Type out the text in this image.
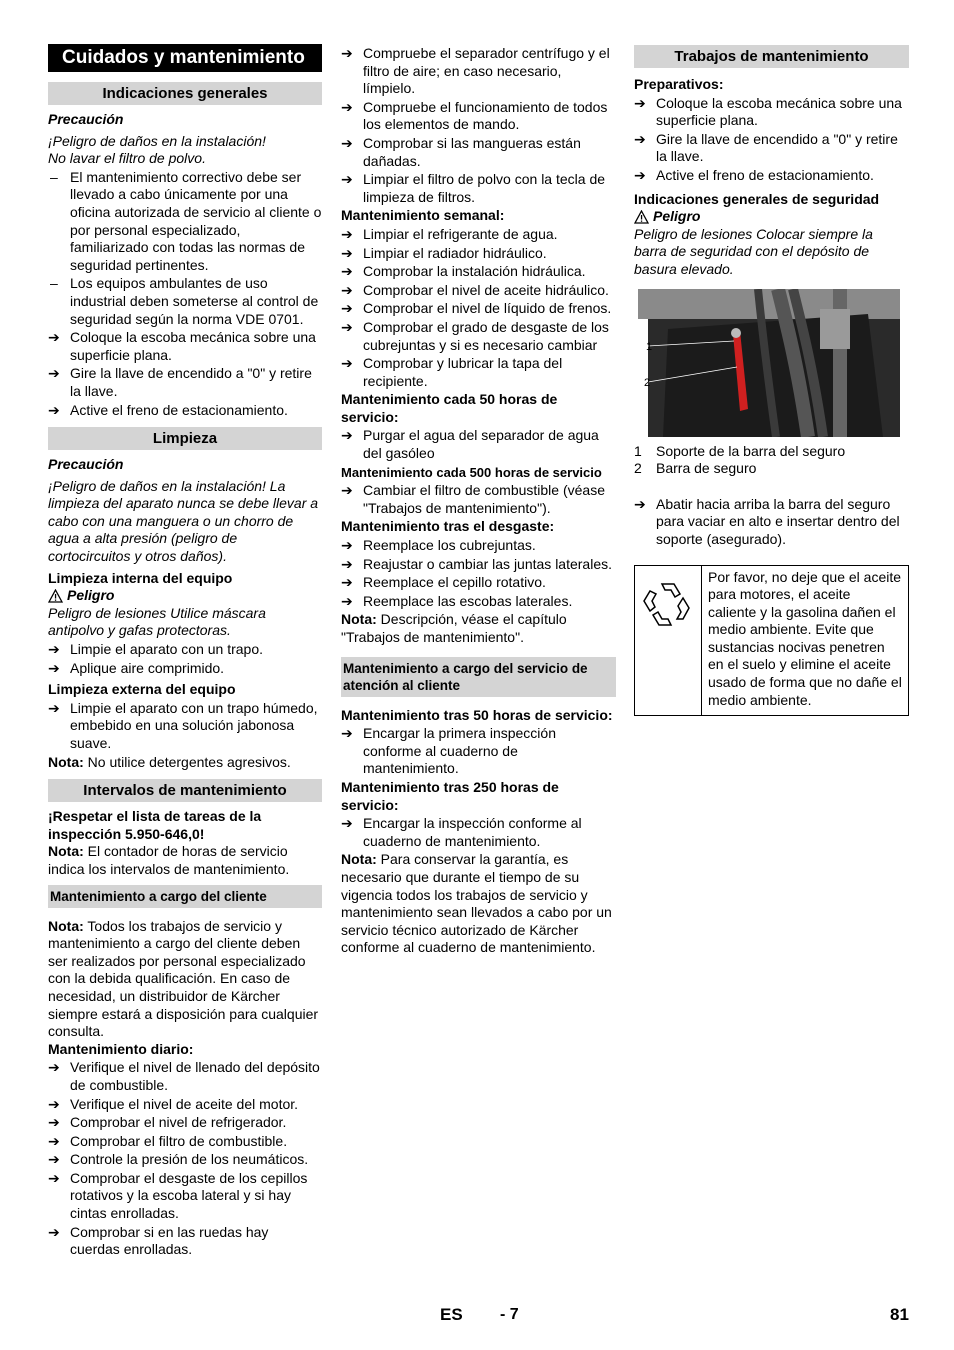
Cuidados y mantenimiento
Indicaciones generales

Precaución

¡Peligro de daños en la instalación!

No lavar el filtro de polvo.

– El mantenimiento correctivo debe ser llevado a cabo únicamente por una oficina autorizada de servicio al cliente o por personal especializado, familiarizado con todas las normas de seguridad pertinentes.
– Los equipos ambulantes de uso industrial deben someterse al control de seguridad según la norma VDE 0701.
➔ Coloque la escoba mecánica sobre una superficie plana.
➔ Gire la llave de encendido a "0" y retire la llave.
➔ Active el freno de estacionamiento.
Limpieza

Precaución

¡Peligro de daños en la instalación! La limpieza del aparato nunca se debe llevar a cabo con una manguera o un chorro de agua a alta presión (peligro de cortocircuitos y otros daños).

Limpieza interna del equipo

Peligro

Peligro de lesiones Utilice máscara antipolvo y gafas protectoras.

➔ Limpie el aparato con un trapo.
➔ Aplique aire comprimido.

Limpieza externa del equipo

➔ Limpie el aparato con un trapo húmedo, embebido en una solución jabonosa suave.

Nota: No utilice detergentes agresivos.

Intervalos de mantenimiento

¡Respetar el lista de tareas de la inspección 5.950-646,0!

Nota: El contador de horas de servicio indica los intervalos de mantenimiento.

Mantenimiento a cargo del cliente

Nota: Todos los trabajos de servicio y mantenimiento a cargo del cliente deben ser realizados por personal especializado con la debida qualificación. En caso de necesidad, un distribuidor de Kärcher siempre estará a disposición para cualquier consulta.

Mantenimiento diario:

➔ Verifique el nivel de llenado del depósito de combustible.
➔ Verifique el nivel de aceite del motor.
➔ Comprobar el nivel de refrigerador.
➔ Comprobar el filtro de combustible.
➔ Controle la presión de los neumáticos.
➔ Comprobar el desgaste de los cepillos rotativos y la escoba lateral y si hay cintas enrolladas.
➔ Comprobar si en las ruedas hay cuerdas enrolladas.
➔ Compruebe el separador centrífugo y el filtro de aire; en caso necesario, límpielo.
➔ Compruebe el funcionamiento de todos los elementos de mando.
➔ Comprobar si las mangueras están dañadas.
➔ Limpiar el filtro de polvo con la tecla de limpieza de filtros.

Mantenimiento semanal:

➔ Limpiar el refrigerante de agua.
➔ Limpiar el radiador hidráulico.
➔ Comprobar la instalación hidráulica.
➔ Comprobar el nivel de aceite hidráulico.
➔ Comprobar el nivel de líquido de frenos.
➔ Comprobar el grado de desgaste de los cubrejuntas y si es necesario cambiar
➔ Comprobar y lubricar la tapa del recipiente.

Mantenimiento cada 50 horas de servicio:

➔ Purgar el agua del separador de agua del gasóleo

Mantenimiento cada 500 horas de servicio

➔ Cambiar el filtro de combustible (véase "Trabajos de mantenimiento").

Mantenimiento tras el desgaste:

➔ Reemplace los cubrejuntas.
➔ Reajustar o cambiar las juntas laterales.
➔ Reemplace el cepillo rotativo.
➔ Reemplace las escobas laterales.

Nota: Descripción, véase el capítulo "Trabajos de mantenimiento".

Mantenimiento a cargo del servicio de atención al cliente

Mantenimiento tras 50 horas de servicio:

➔ Encargar la primera inspección conforme al cuaderno de mantenimiento.

Mantenimiento tras 250 horas de servicio:

➔ Encargar la inspección conforme al cuaderno de mantenimiento.

Nota: Para conservar la garantía, es necesario que durante el tiempo de su vigencia todos los trabajos de servicio y mantenimiento sean llevados a cabo por un servicio técnico autorizado de Kärcher conforme al cuaderno de mantenimiento.

Trabajos de mantenimiento

Preparativos:

➔ Coloque la escoba mecánica sobre una superficie plana.
➔ Gire la llave de encendido a "0" y retire la llave.
➔ Active el freno de estacionamiento.

Indicaciones generales de seguridad

Peligro

Peligro de lesiones Colocar siempre la barra de seguridad con el depósito de basura elevado.

1
2
1 Soporte de la barra del seguro
2 Barra de seguro
➔ Abatir hacia arriba la barra del seguro para vaciar en alto e insertar dentro del soporte (asegurado).
Por favor, no deje que el aceite para motores, el aceite caliente y la gasolina dañen el medio ambiente. Evite que sustancias nocivas penetren en el suelo y elimine el aceite usado de forma que no dañe el medio ambiente.
ES - 7	81
